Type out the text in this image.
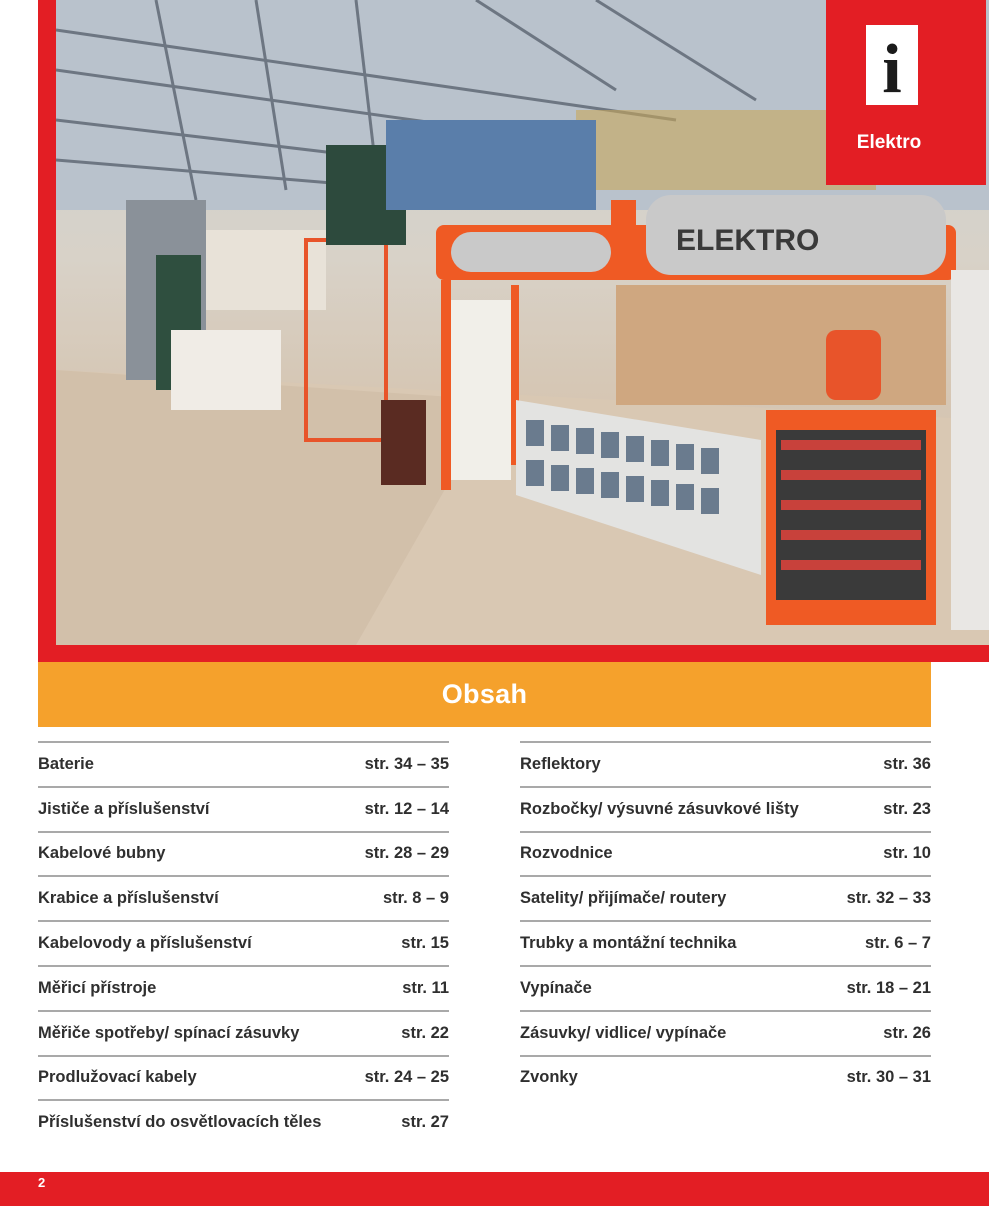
ELEKTRO
i
Elektro
Obsah
Baterie	str. 34 – 35
Jističe a příslušenství	str. 12 – 14
Kabelové bubny	str. 28 – 29
Krabice a příslušenství	str. 8 – 9
Kabelovody a příslušenství	str. 15
Měřicí přístroje	str. 11
Měřiče spotřeby/ spínací zásuvky	str. 22
Prodlužovací kabely	str. 24 – 25
Příslušenství do osvětlovacích těles	str. 27
Reflektory	str. 36
Rozbočky/ výsuvné zásuvkové lišty	str. 23
Rozvodnice	str. 10
Satelity/ přijímače/ routery	str. 32 – 33
Trubky a montážní technika	str. 6 – 7
Vypínače	str. 18 – 21
Zásuvky/ vidlice/ vypínače	str. 26
Zvonky	str. 30 – 31
2
